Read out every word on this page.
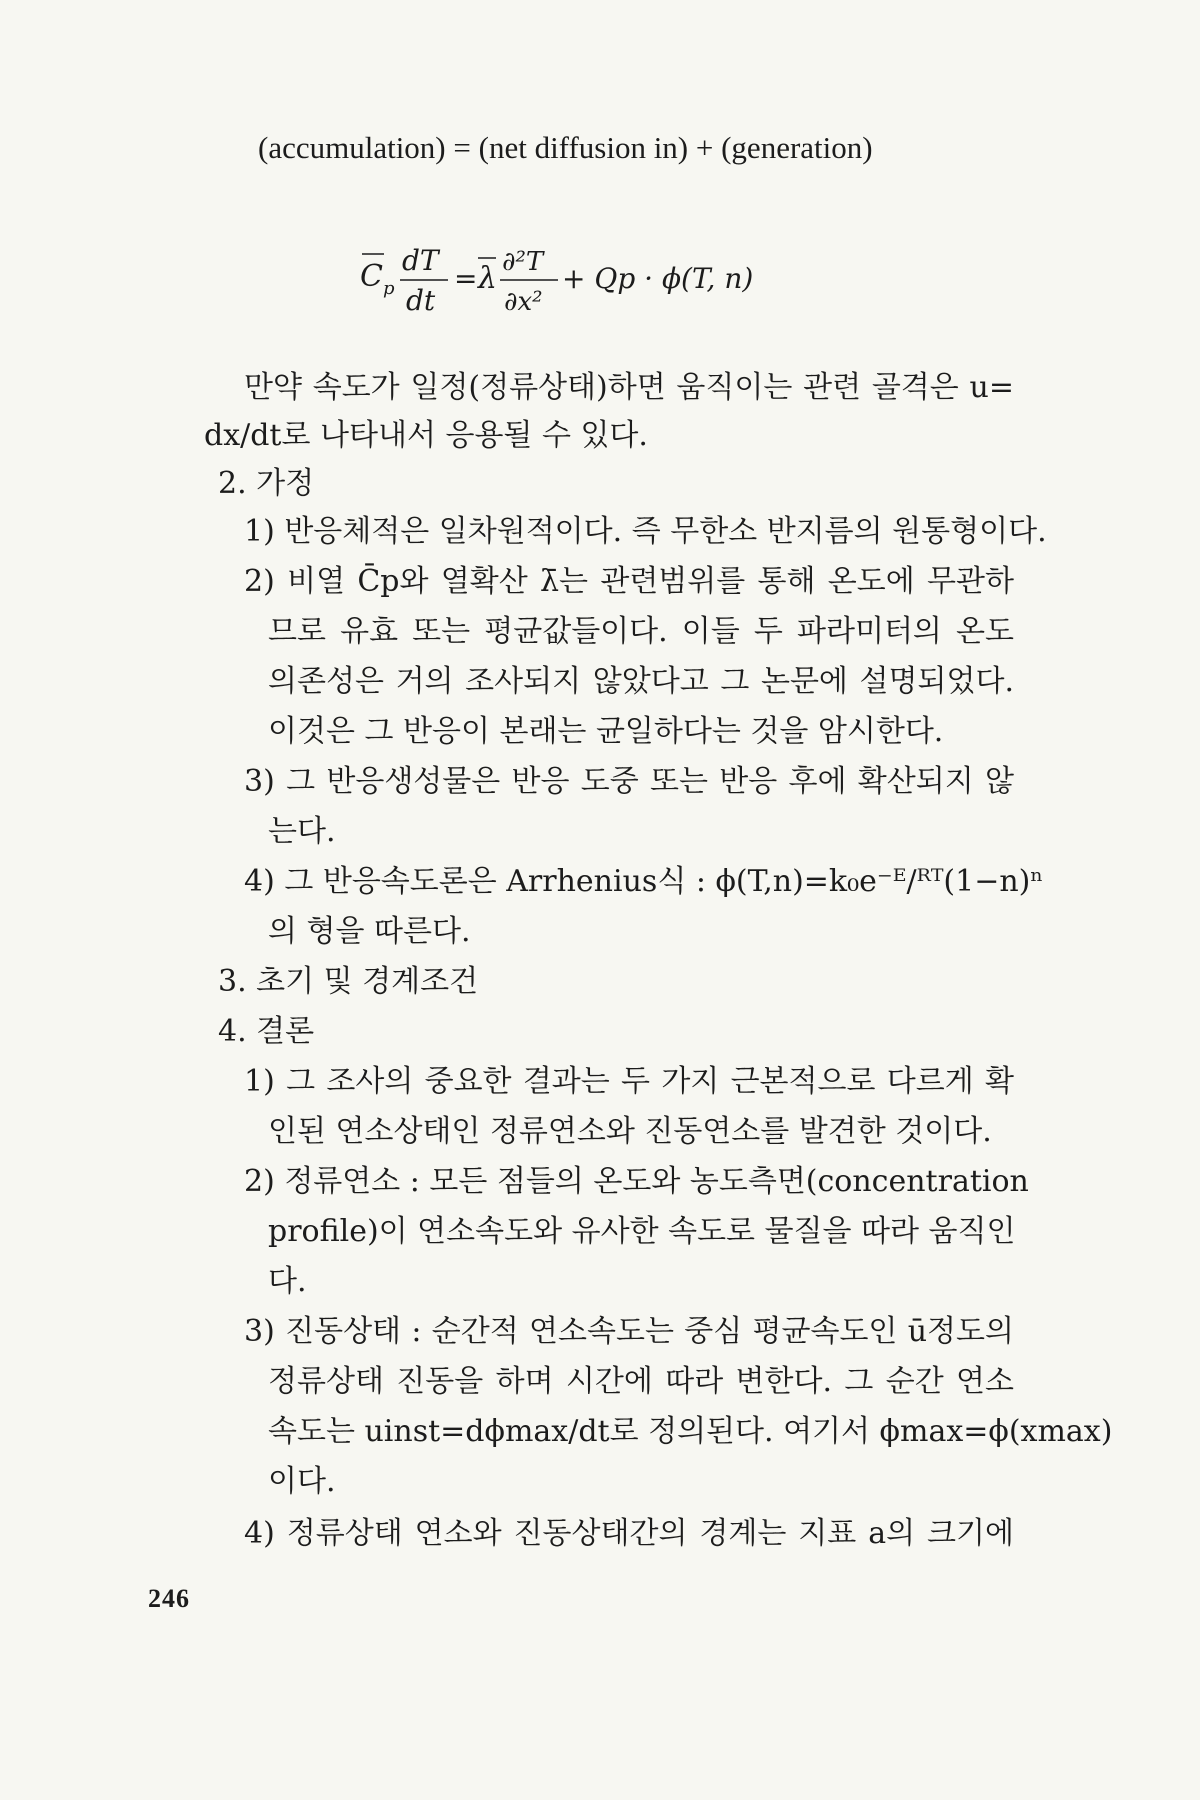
(accumulation) = (net diffusion in) + (generation)
C p
dT
dt
= λ ∂²T
∂x²
+ Qp · ϕ(T, n)
만약 속도가 일정(정류상태)하면 움직이는 관련 골격은 u=
dx/dt로 나타내서 응용될 수 있다.
2. 가정
1) 반응체적은 일차원적이다. 즉 무한소 반지름의 원통형이다.
2) 비열 C̄p와 열확산 λ̄는 관련범위를 통해 온도에 무관하
므로 유효 또는 평균값들이다. 이들 두 파라미터의 온도
의존성은 거의 조사되지 않았다고 그 논문에 설명되었다.
이것은 그 반응이 본래는 균일하다는 것을 암시한다.
3) 그 반응생성물은 반응 도중 또는 반응 후에 확산되지 않
는다.
4) 그 반응속도론은 Arrhenius식 : ϕ(T,n)=k₀e⁻ᴱ/ᴿᵀ(1−n)ⁿ
의 형을 따른다.
3. 초기 및 경계조건
4. 결론
1) 그 조사의 중요한 결과는 두 가지 근본적으로 다르게 확
인된 연소상태인 정류연소와 진동연소를 발견한 것이다.
2) 정류연소 : 모든 점들의 온도와 농도측면(concentration
profile)이 연소속도와 유사한 속도로 물질을 따라 움직인
다.
3) 진동상태 : 순간적 연소속도는 중심 평균속도인 ū정도의
정류상태 진동을 하며 시간에 따라 변한다. 그 순간 연소
속도는 uinst=dϕmax/dt로 정의된다. 여기서 ϕmax=ϕ(xmax)
이다.
4) 정류상태 연소와 진동상태간의 경계는 지표 a의 크기에
246
